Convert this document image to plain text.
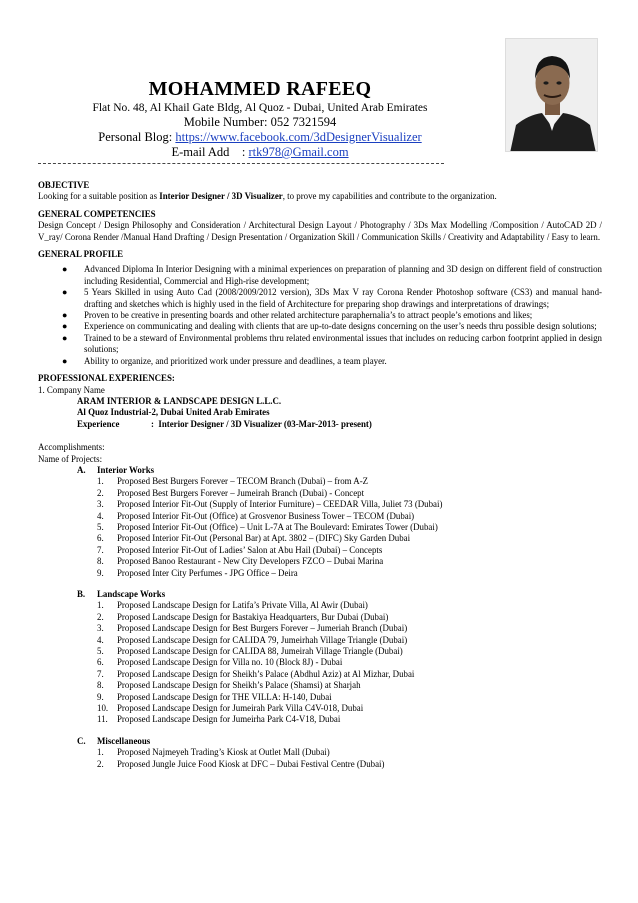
MOHAMMED RAFEEQ
Flat No. 48, Al Khail Gate Bldg, Al Quoz - Dubai, United Arab Emirates
Mobile Number: 052 7321594
Personal Blog: https://www.facebook.com/3dDesignerVisualizer
E-mail Add    : rtk978@Gmail.com
OBJECTIVE
Looking for a suitable position as Interior Designer / 3D Visualizer, to prove my capabilities and contribute to the organization.
GENERAL COMPETENCIES
Design Concept / Design Philosophy and Consideration / Architectural Design Layout / Photography / 3Ds Max Modelling /Composition / AutoCAD 2D / V_ray/ Corona Render /Manual Hand Drafting / Design Presentation / Organization Skill / Communication Skills / Creativity and Adaptability / Easy to learn.
GENERAL PROFILE
● Advanced Diploma In Interior Designing with a minimal experiences on preparation of planning and 3D design on different field of construction including Residential, Commercial and High-rise development;
● 5 Years Skilled in using Auto Cad (2008/2009/2012 version), 3Ds Max V ray Corona Render Photoshop software (CS3) and manual hand-drafting and sketches which is highly used in the field of Architecture for preparing shop drawings and interpretations of drawings;
● Proven to be creative in presenting boards and other related architecture paraphernalia’s to attract people’s emotions and likes;
● Experience on communicating and dealing with clients that are up-to-date designs concerning on the user’s needs thru possible design solutions;
● Trained to be a steward of Environmental problems thru related environmental issues that includes on reducing carbon footprint applied in design solutions;
● Ability to organize, and prioritized work under pressure and deadlines, a team player.
PROFESSIONAL EXPERIENCES:
1. Company Name
ARAM INTERIOR & LANDSCAPE DESIGN L.L.C.
Al Quoz Industrial-2, Dubai United Arab Emirates
Experience	:  Interior Designer / 3D Visualizer (03-Mar-2013- present)
Accomplishments:
Name of Projects:
A.	Interior Works
1.	Proposed Best Burgers Forever – TECOM Branch (Dubai) – from A-Z
2.	Proposed Best Burgers Forever – Jumeirah Branch (Dubai) - Concept
3.	Proposed Interior Fit-Out (Supply of Interior Furniture) – CEEDAR Villa, Juliet 73 (Dubai)
4.	Proposed Interior Fit-Out (Office) at Grosvenor Business Tower – TECOM (Dubai)
5.	Proposed Interior Fit-Out (Office) – Unit L-7A at The Boulevard: Emirates Tower (Dubai)
6.	Proposed Interior Fit-Out (Personal Bar) at Apt. 3802 – (DIFC) Sky Garden Dubai
7.	Proposed Interior Fit-Out of Ladies’ Salon at Abu Hail (Dubai) – Concepts
8.	Proposed Banoo Restaurant - New City Developers FZCO – Dubai Marina
9.	Proposed Inter City Perfumes - JPG Office – Deira
B.	Landscape Works
1.	Proposed Landscape Design for Latifa’s Private Villa, Al Awir (Dubai)
2.	Proposed Landscape Design for Bastakiya Headquarters, Bur Dubai (Dubai)
3.	Proposed Landscape Design for Best Burgers Forever – Jumeriah Branch (Dubai)
4.	Proposed Landscape Design for CALIDA 79, Jumeirhah Village Triangle (Dubai)
5.	Proposed Landscape Design for CALIDA 88, Jumeirah Village Triangle (Dubai)
6.	Proposed Landscape Design for Villa no. 10 (Block 8J) - Dubai
7.	Proposed Landscape Design for Sheikh’s Palace (Abdhul Aziz) at Al Mizhar, Dubai
8.	Proposed Landscape Design for Sheikh’s Palace (Shamsi) at Sharjah
9.	Proposed Landscape Design for THE VILLA: H-140, Dubai
10.	Proposed Landscape Design for Jumeirah Park Villa C4V-018, Dubai
11.	Proposed Landscape Design for Jumeirha Park C4-V18, Dubai
C.	Miscellaneous
1.	Proposed Najmeyeh Trading’s Kiosk at Outlet Mall (Dubai)
2.	Proposed Jungle Juice Food Kiosk at DFC – Dubai Festival Centre (Dubai)
